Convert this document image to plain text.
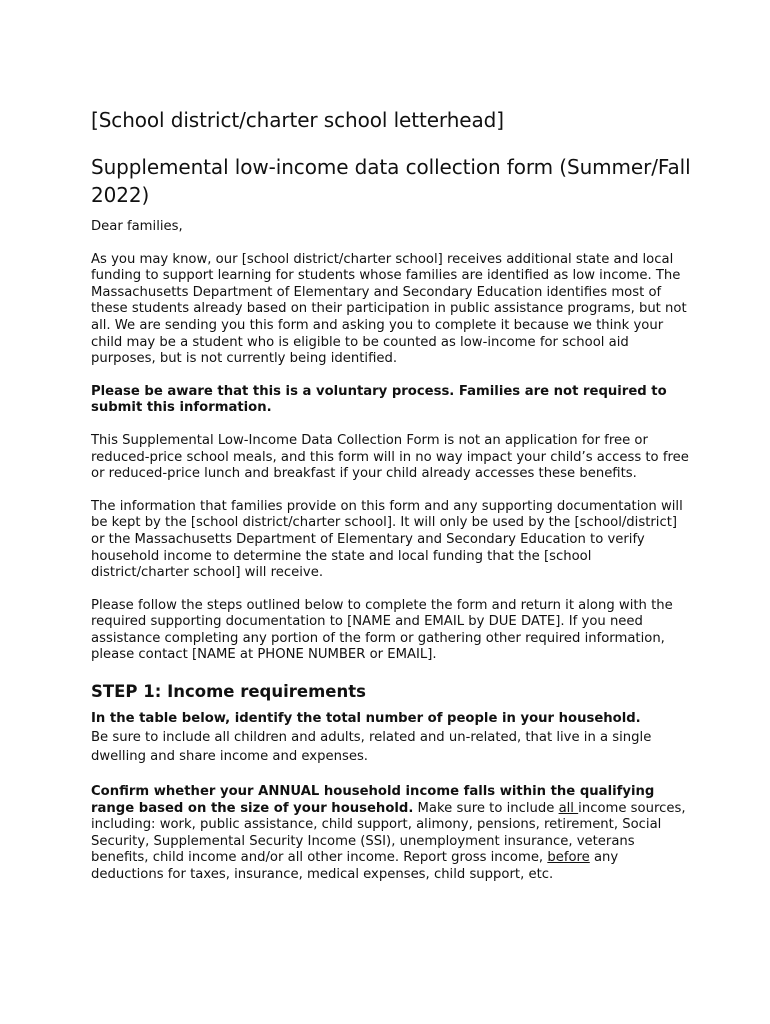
[School district/charter school letterhead]
Supplemental low-income data collection form (Summer/Fall 2022)

Dear families,

As you may know, our [school district/charter school] receives additional state and local funding to support learning for students whose families are identified as low income. The Massachusetts Department of Elementary and Secondary Education identifies most of these students already based on their participation in public assistance programs, but not all. We are sending you this form and asking you to complete it because we think your child may be a student who is eligible to be counted as low-income for school aid purposes, but is not currently being identified.

Please be aware that this is a voluntary process. Families are not required to submit this information.

This Supplemental Low-Income Data Collection Form is not an application for free or reduced-price school meals, and this form will in no way impact your child’s access to free or reduced-price lunch and breakfast if your child already accesses these benefits.

The information that families provide on this form and any supporting documentation will be kept by the [school district/charter school]. It will only be used by the [school/district] or the Massachusetts Department of Elementary and Secondary Education to verify household income to determine the state and local funding that the [school district/charter school] will receive.

Please follow the steps outlined below to complete the form and return it along with the required supporting documentation to [NAME and EMAIL by DUE DATE]. If you need assistance completing any portion of the form or gathering other required information, please contact [NAME at PHONE NUMBER or EMAIL].

STEP 1: Income requirements
In the table below, identify the total number of people in your household.
Be sure to include all children and adults, related and un-related, that live in a single dwelling and share income and expenses.

Confirm whether your ANNUAL household income falls within the qualifying range based on the size of your household. Make sure to include all income sources, including: work, public assistance, child support, alimony, pensions, retirement, Social Security, Supplemental Security Income (SSI), unemployment insurance, veterans benefits, child income and/or all other income. Report gross income, before any deductions for taxes, insurance, medical expenses, child support, etc.
